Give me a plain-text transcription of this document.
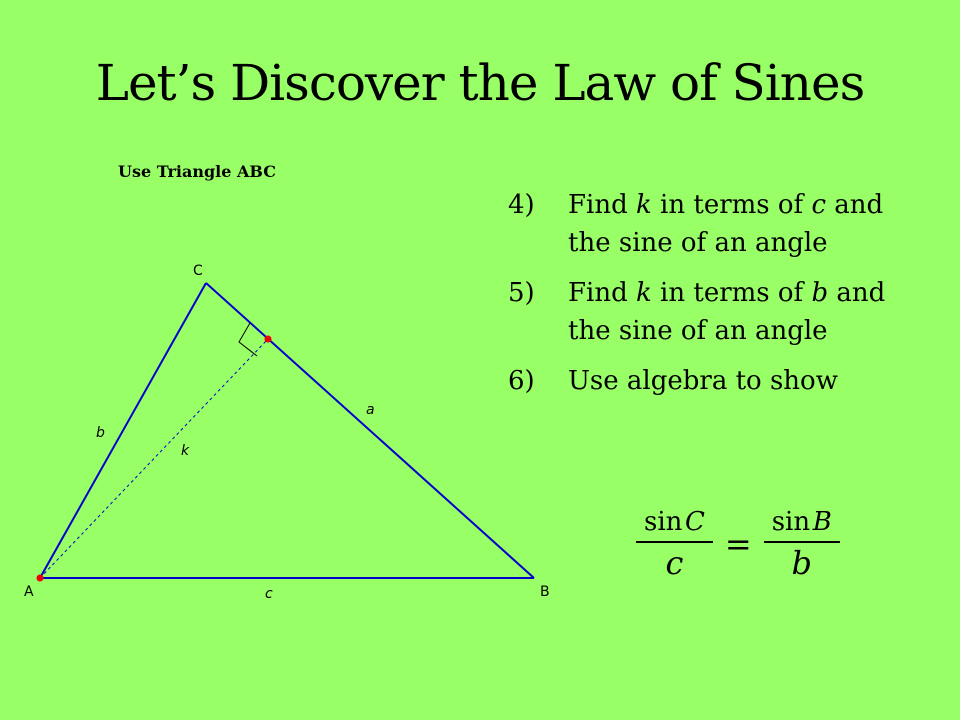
Let’s Discover the Law of Sines
Use Triangle ABC
C
A	B
a
b
c
k
4)	Find k in terms of c and the sine of an angle
5)	Find k in terms of b and the sine of an angle
6)	Use algebra to show
$\frac{\text{sin C}}{c} = \frac{\text{sin B}}{b}$
